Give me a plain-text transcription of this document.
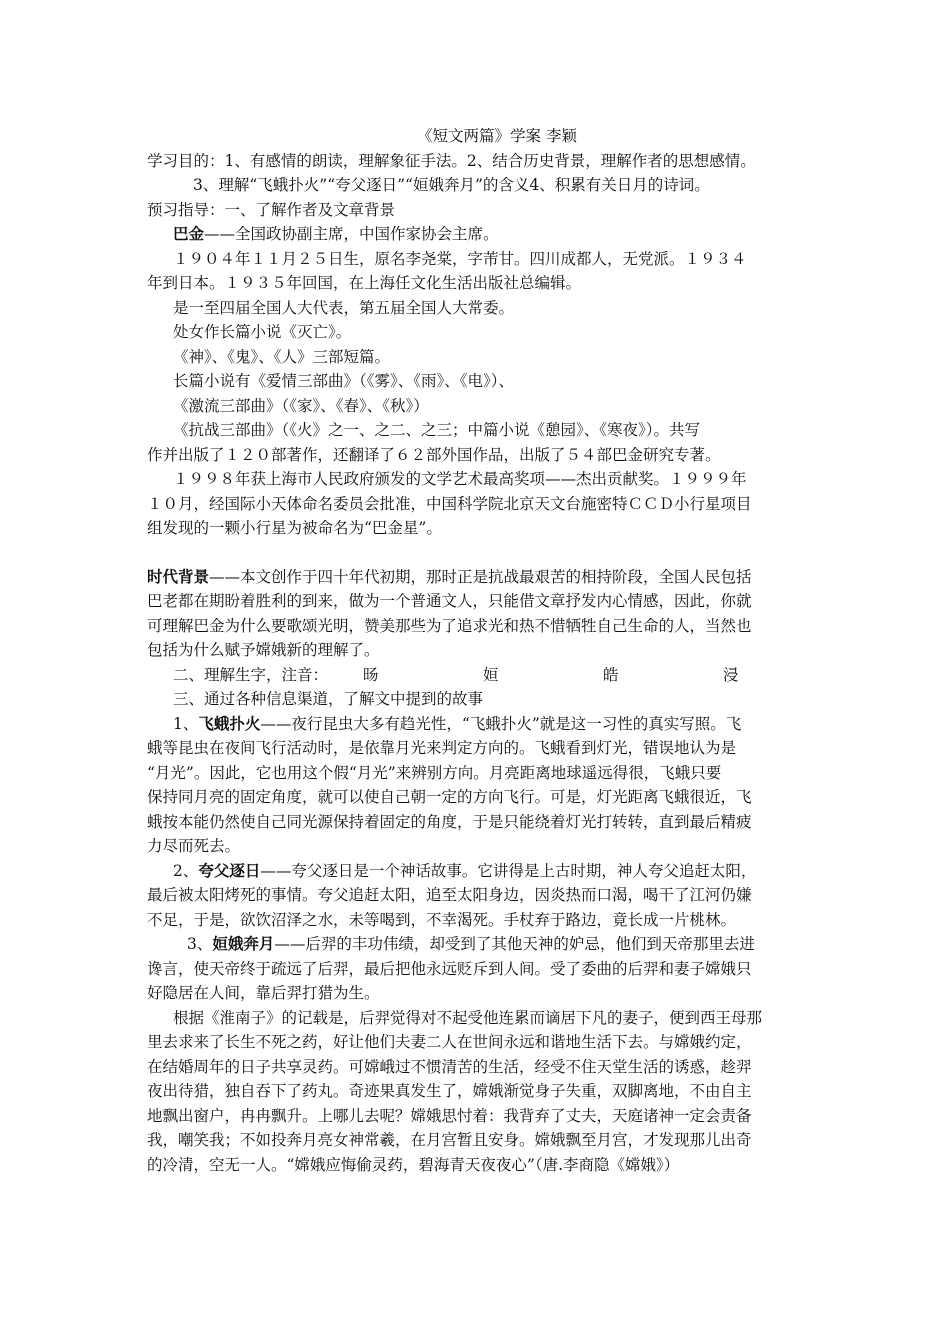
《短文两篇》学案 李颖
学习目的：1、有感情的朗读，理解象征手法。2、结合历史背景，理解作者的思想感情。
3、理解“飞蛾扑火”“夸父逐日”“姮娥奔月”的含义4、积累有关日月的诗词。
预习指导：一、了解作者及文章背景
巴金——全国政协副主席，中国作家协会主席。
１９０４年１１月２５日生，原名李尧棠，字芾甘。四川成都人，无党派。１９３４
年到日本。１９３５年回国，在上海任文化生活出版社总编辑。
是一至四届全国人大代表，第五届全国人大常委。
处女作长篇小说《灭亡》。
《神》、《鬼》、《人》三部短篇。
长篇小说有《爱情三部曲》（《雾》、《雨》、《电》）、
《激流三部曲》（《家》、《春》、《秋》）
《抗战三部曲》（《火》之一、之二、之三；中篇小说《憩园》、《寒夜》）。共写
作并出版了１２０部著作，还翻译了６２部外国作品，出版了５４部巴金研究专著。
１９９８年获上海市人民政府颁发的文学艺术最高奖项——杰出贡献奖。１９９９年
１０月，经国际小天体命名委员会批准，中国科学院北京天文台施密特ＣＣＤ小行星项目
组发现的一颗小行星为被命名为“巴金星”。
时代背景——本文创作于四十年代初期，那时正是抗战最艰苦的相持阶段，全国人民包括
巴老都在期盼着胜利的到来，做为一个普通文人，只能借文章抒发内心情感，因此，你就
可理解巴金为什么要歌颂光明，赞美那些为了追求光和热不惜牺牲自己生命的人，当然也
包括为什么赋予嫦娥新的理解了。
二、理解生字，注音： 旸	姮	皓	浸
三、通过各种信息渠道，了解文中提到的故事
1、飞蛾扑火——夜行昆虫大多有趋光性，“飞蛾扑火”就是这一习性的真实写照。飞
蛾等昆虫在夜间飞行活动时，是依靠月光来判定方向的。飞蛾看到灯光，错误地认为是
“月光”。因此，它也用这个假“月光”来辨别方向。月亮距离地球遥远得很，飞蛾只要
保持同月亮的固定角度，就可以使自己朝一定的方向飞行。可是，灯光距离飞蛾很近，飞
蛾按本能仍然使自己同光源保持着固定的角度，于是只能绕着灯光打转转，直到最后精疲
力尽而死去。
2、夸父逐日——夸父逐日是一个神话故事。它讲得是上古时期，神人夸父追赶太阳，
最后被太阳烤死的事情。夸父追赶太阳，追至太阳身边，因炎热而口渴，喝干了江河仍嫌
不足，于是，欲饮沼泽之水，未等喝到，不幸渴死。手杖弃于路边，竟长成一片桃林。
3、姮娥奔月——后羿的丰功伟绩，却受到了其他天神的妒忌，他们到天帝那里去进
谗言，使天帝终于疏远了后羿，最后把他永远贬斥到人间。受了委曲的后羿和妻子嫦娥只
好隐居在人间，靠后羿打猎为生。
根据《淮南子》的记载是，后羿觉得对不起受他连累而谪居下凡的妻子，便到西王母那
里去求来了长生不死之药，好让他们夫妻二人在世间永远和谐地生活下去。与嫦娥约定，
在结婚周年的日子共享灵药。可嫦峨过不惯清苦的生活，经受不住天堂生活的诱惑，趁羿
夜出待猎，独自吞下了药丸。奇迹果真发生了，嫦娥渐觉身子失重，双脚离地，不由自主
地飘出窗户，冉冉飘升。上哪儿去呢？嫦娥思忖着：我背弃了丈夫，天庭诸神一定会责备
我，嘲笑我；不如投奔月亮女神常羲，在月宫暂且安身。嫦娥飘至月宫，才发现那儿出奇
的冷清，空无一人。“嫦娥应悔偷灵药，碧海青天夜夜心”（唐.李商隐《嫦娥》）
